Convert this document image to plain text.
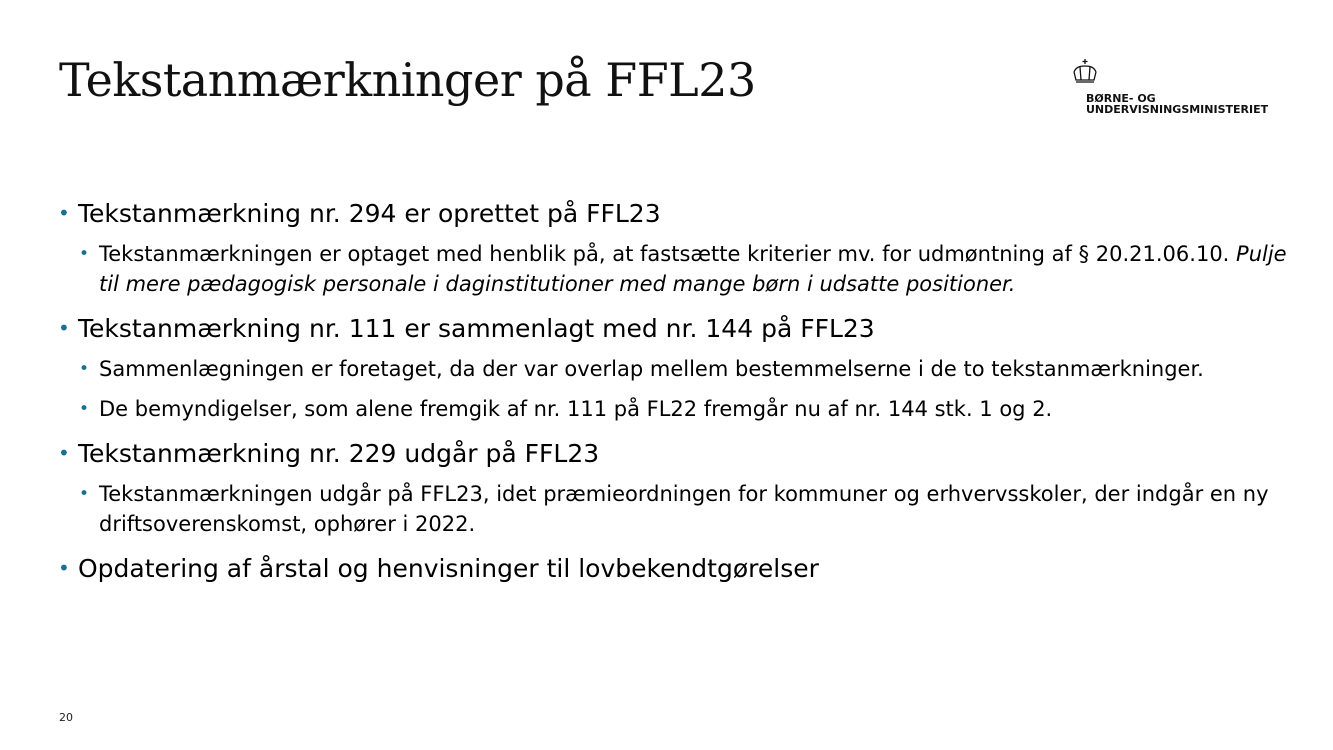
Tekstanmærkninger på FFL23	BØRNE- OG
UNDERVISNINGSMINISTERIET
• Tekstanmærkning nr. 294 er oprettet på FFL23
• Tekstanmærkningen er optaget med henblik på, at fastsætte kriterier mv. for udmøntning af § 20.21.06.10. Pulje til mere pædagogisk personale i daginstitutioner med mange børn i udsatte positioner.
• Tekstanmærkning nr. 111 er sammenlagt med nr. 144 på FFL23
• Sammenlægningen er foretaget, da der var overlap mellem bestemmelserne i de to tekstanmærkninger.
• De bemyndigelser, som alene fremgik af nr. 111 på FL22 fremgår nu af nr. 144 stk. 1 og 2.
• Tekstanmærkning nr. 229 udgår på FFL23
• Tekstanmærkningen udgår på FFL23, idet præmieordningen for kommuner og erhvervsskoler, der indgår en ny driftsoverenskomst, ophører i 2022.
• Opdatering af årstal og henvisninger til lovbekendtgørelser
20
